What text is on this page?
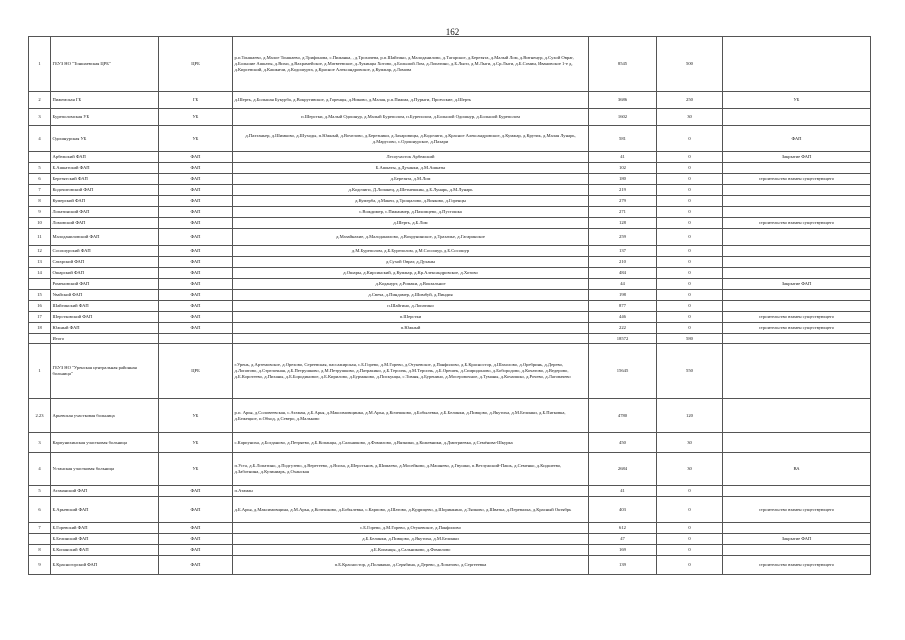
162
1	ГБУЗ НО "Тоншаевская ЦРБ"	ЦРБ	р.п.Тоншаево, д.Малое Тоншаево, д.Трифонова, с.Пижанка, , д.Трохачева, р.п.Шайгино, д.Малоданилово, д.Тагарское, д.Березята, д.Малый Лом, д.Витненур, д.Сухой Овраг, д.Большие Ашкаты, д.Вихи, д.Вахрамейское, д.Матвеевское, д.Лукинцы Хотово, д.Большой Лом, д.Лопатино, д.Б.Лыги, д.М.Лыги, д.Ср.Лыги, д.Б.Сомин, Ивановское 1-е д, д.Кирсевский, д.Кашкичи, д.Кодошурта, д.Красное Александровское, д.Кумжар, д.Ломова	8545	500	
2	Пижемская ГБ	ГБ	д.Шерть, д.Большая Букурба, д.Вокругивское, д.Горенцы, д.Никово, д.Малая, р.п.Пижма, д.Пурыги, Прозчские, д.Шерть	3686	250	УБ
3	Буреполомская УБ	УБ	п.Шерстки, д.Малый Одошнур, д.Малый Буреполом, п.Буреполом, д.Большой Одошнур, д.Большой Буреполом	1602	30	
4	Одошнурская УБ	УБ	д.Пахтаньер, д.Шимково, д.Шуходы, п.Южный, д.Вочелово, д.Березники, д.Захаровицы, д.Кодочиги, д.Красное Александровское, д.Кумжар, д.Крутик, д.Малая Лунарь, д.Марусово, с.Одошнурское, д.Пахари	581	0	ФАП
	Арбежский ФАП	ФАП	Лесоучасток Арбежский	41	0	Закрытие ФАП
5	Б.Ашкатский ФАП	ФАП	Б.Ашкаты, д.Духанки, д.М.Ашкаты	102	0	
6	Березятский ФАП	ФАП	д.Березята, д.М.Лом	180	0	строительство взамен существующего
7	Кодочиговский ФАП	ФАП	д.Кодочиги, Д.Лопанец, д.Шетнешкин, д.Б.Лунарь, д.М.Лунарь	219	0	
8	Кумерский ФАП	ФАП	д.Кумерба, д.Макеи, д.Трощалово, д.Вояково, д.Горенцы	279	0	
9	Лопатинский ФАП	ФАП	с.Вождимер, с.Пижанмер, д.Пахомцево, д.Пустошка	271	0	
10	Ломовский ФАП	ФАП	д.Шерть, д.Б.Лом	128	0	строительство взамен существующего
11	Малоданиловский ФАП	ФАП	д.Мазайнахие, д.Малоданилово, д.Вохрунинское, д.Трахачье, д.Гагаринское	259	0	
12	Сосошурский ФАП	ФАП	д.М.Буреполом, д.Б.Буреполом, д.М.Сосошур, д.Б.Сосошур	137	0	
13	Сатарский ФАП	ФАП	д.Сухой Овраг, д.Духаны	210	0	
14	Ошарский ФАП	ФАП	д.Ошары, д.Кирсинский, д.Кумжар, д.Кр.Александровское, д.Хотово	484	0	
	Роменовский ФАП	ФАП	д.Коданурт, д.Ромаки, д.Вокзальное	44	0	Закрытие ФАП
15	Увайский ФАП	ФАП	д.Свеча, д.Пиндамер, д.Шимбуй, д.Пиндия	198	0	
16	Шайгинский ФАП	ФАП	п.Шайгино, д.Лопатино	877	0	
17	Шерстковский ФАП	ФАП	п.Шерстки	446	0	строительство взамен существующего
18	Южный ФАП	ФАП	п.Южный	222	0	строительство взамен существующего
	Итого			18572	580	
1	ГБУЗ НО "Уренская центральная районная больница"	ЦРБ	г.Урень, д.Артемовское, д.Орехово, Сереевская, пассажирская, с.Б.Горево, д.М.Горево, д.Отукевское, д.Панфилово, д.Б.Красностор, д.Шахолово, д.Оребринь, д.Дерево, д.Лопатово, д.Стрелочная, д.Б.Петрушково, д.М.Петрушково, д.Патракино, д.Б.Терсичь, д.М.Терсичь, д.Б.Орешек, д.Спиридоново, д.Бобородово, д.Кочатово, д.Ведерово, д.Б.Коротеево, д.Пиханы, д.Б.Бородиновое, д.Б.Кирилово, д.Бурманово, д.Пискунцы, с.Тимня, д.Буренино, д.Мосеровочное, д.Туманы, д.Кочапшко, д.Рочево, д.Лаговачево	15645	550	
2.23	Арьевская участковая больница	УБ	р.п. Арья, д.Соловеевская, с.Атаман, д.Б.Арья, д.Максимовщинка, д.М.Арья, д.Кочешково, д.Бобылевка, д.Б.Белинки, д.Пивцово, д.Якутиха, д.М.Белинки, д.Б.Пятковка, д.Бежецкое, п.Обход, д.Северо, д.Мальково	4780	120	
3	Карпунихинская участковая больница	УБ	с.Карпуниха, д.Богданово, д.Петряево, д.Б.Копанцы, д.Сальниково, д.Фомилово, д.Вязники, д.Кожевники, д.Дмитриевка, д.Семёнова-Шкурка	450	30	
4	Устанская участковая больница	УБ	п.Уста, д.Б.Лопатино, д.Подгузево, д.Веретеево, д.Ясиха, д.Шерстьнов, д.Шимаево, д.Мосейково, д.Машнево, д.Гвушки, п.Ветлужский-Пашь, д.Семенко, д.Кидшеево, д.Заботнина, д.Кузиниарь, д.Оханская	2684	30	ВА
5	Атаманский ФАП	ФАП	п.Атаман	41	0	
6	Б.Арьевский ФАП	ФАП	д.Б.Арья, д.Максимовщина, д.М.Арья, д.Кочешково, д.Бобылевка, с.Карпово, д.Шатово, д.Кудрицево, д.Шоринкино, д.Тяпково, д.Шватка, д.Перевалка, д.Красный Октябрь	403	0	строительство взамен существующего
7	Б.Горевский ФАП	ФАП	с.Б.Горево, д.М.Горево, д.Отукевское, д.Панфилово	612	0	
	Б.Белинский ФАП	ФАП	д.Б.Белинки, д.Пивцово, д.Якутиха, д.М.Белинки	47	0	Закрытие ФАП
8	Б.Копанский ФАП	ФАП	д.Б.Копанцы, д.Сальниково, д.Фомилово	169	0	
9	Б.Красногорский ФАП	ФАП	п.Б.Красностор, д.Полякино, д.Серябина, д.Дерево, д.Лопатово, д.Сергееевка	139	0	строительство взамен существующего
